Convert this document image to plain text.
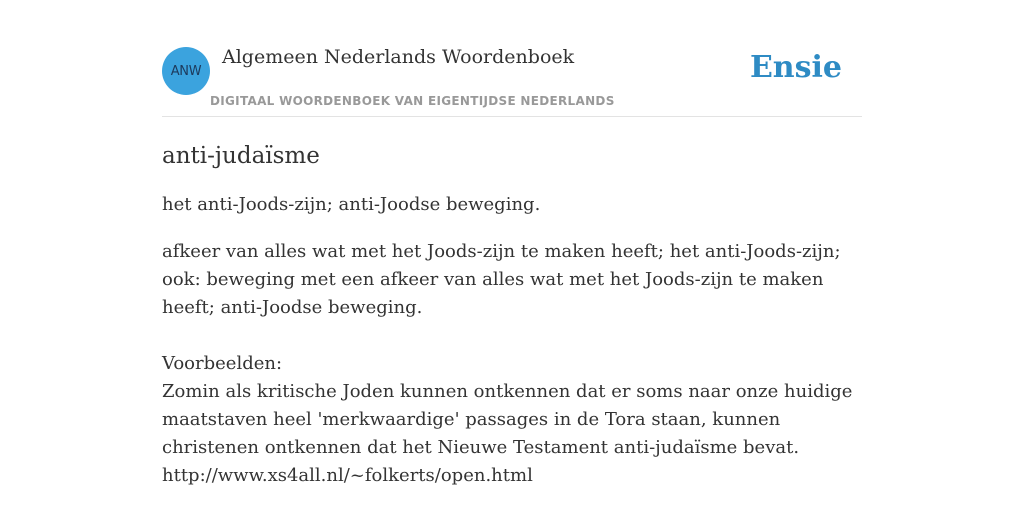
ANW
Algemeen Nederlands Woordenboek
DIGITAAL WOORDENBOEK VAN EIGENTIJDSE NEDERLANDS
Ensie
anti-judaïsme

het anti-Joods-zijn; anti-Joodse beweging.

afkeer van alles wat met het Joods-zijn te maken heeft; het anti-Joods-zijn; ook: beweging met een afkeer van alles wat met het Joods-zijn te maken heeft; anti-Joodse beweging.
Voorbeelden:
Zomin als kritische Joden kunnen ontkennen dat er soms naar onze huidige maatstaven heel 'merkwaardige' passages in de Tora staan, kunnen christenen ontkennen dat het Nieuwe Testament anti-judaïsme bevat.
http://www.xs4all.nl/~folkerts/open.html
